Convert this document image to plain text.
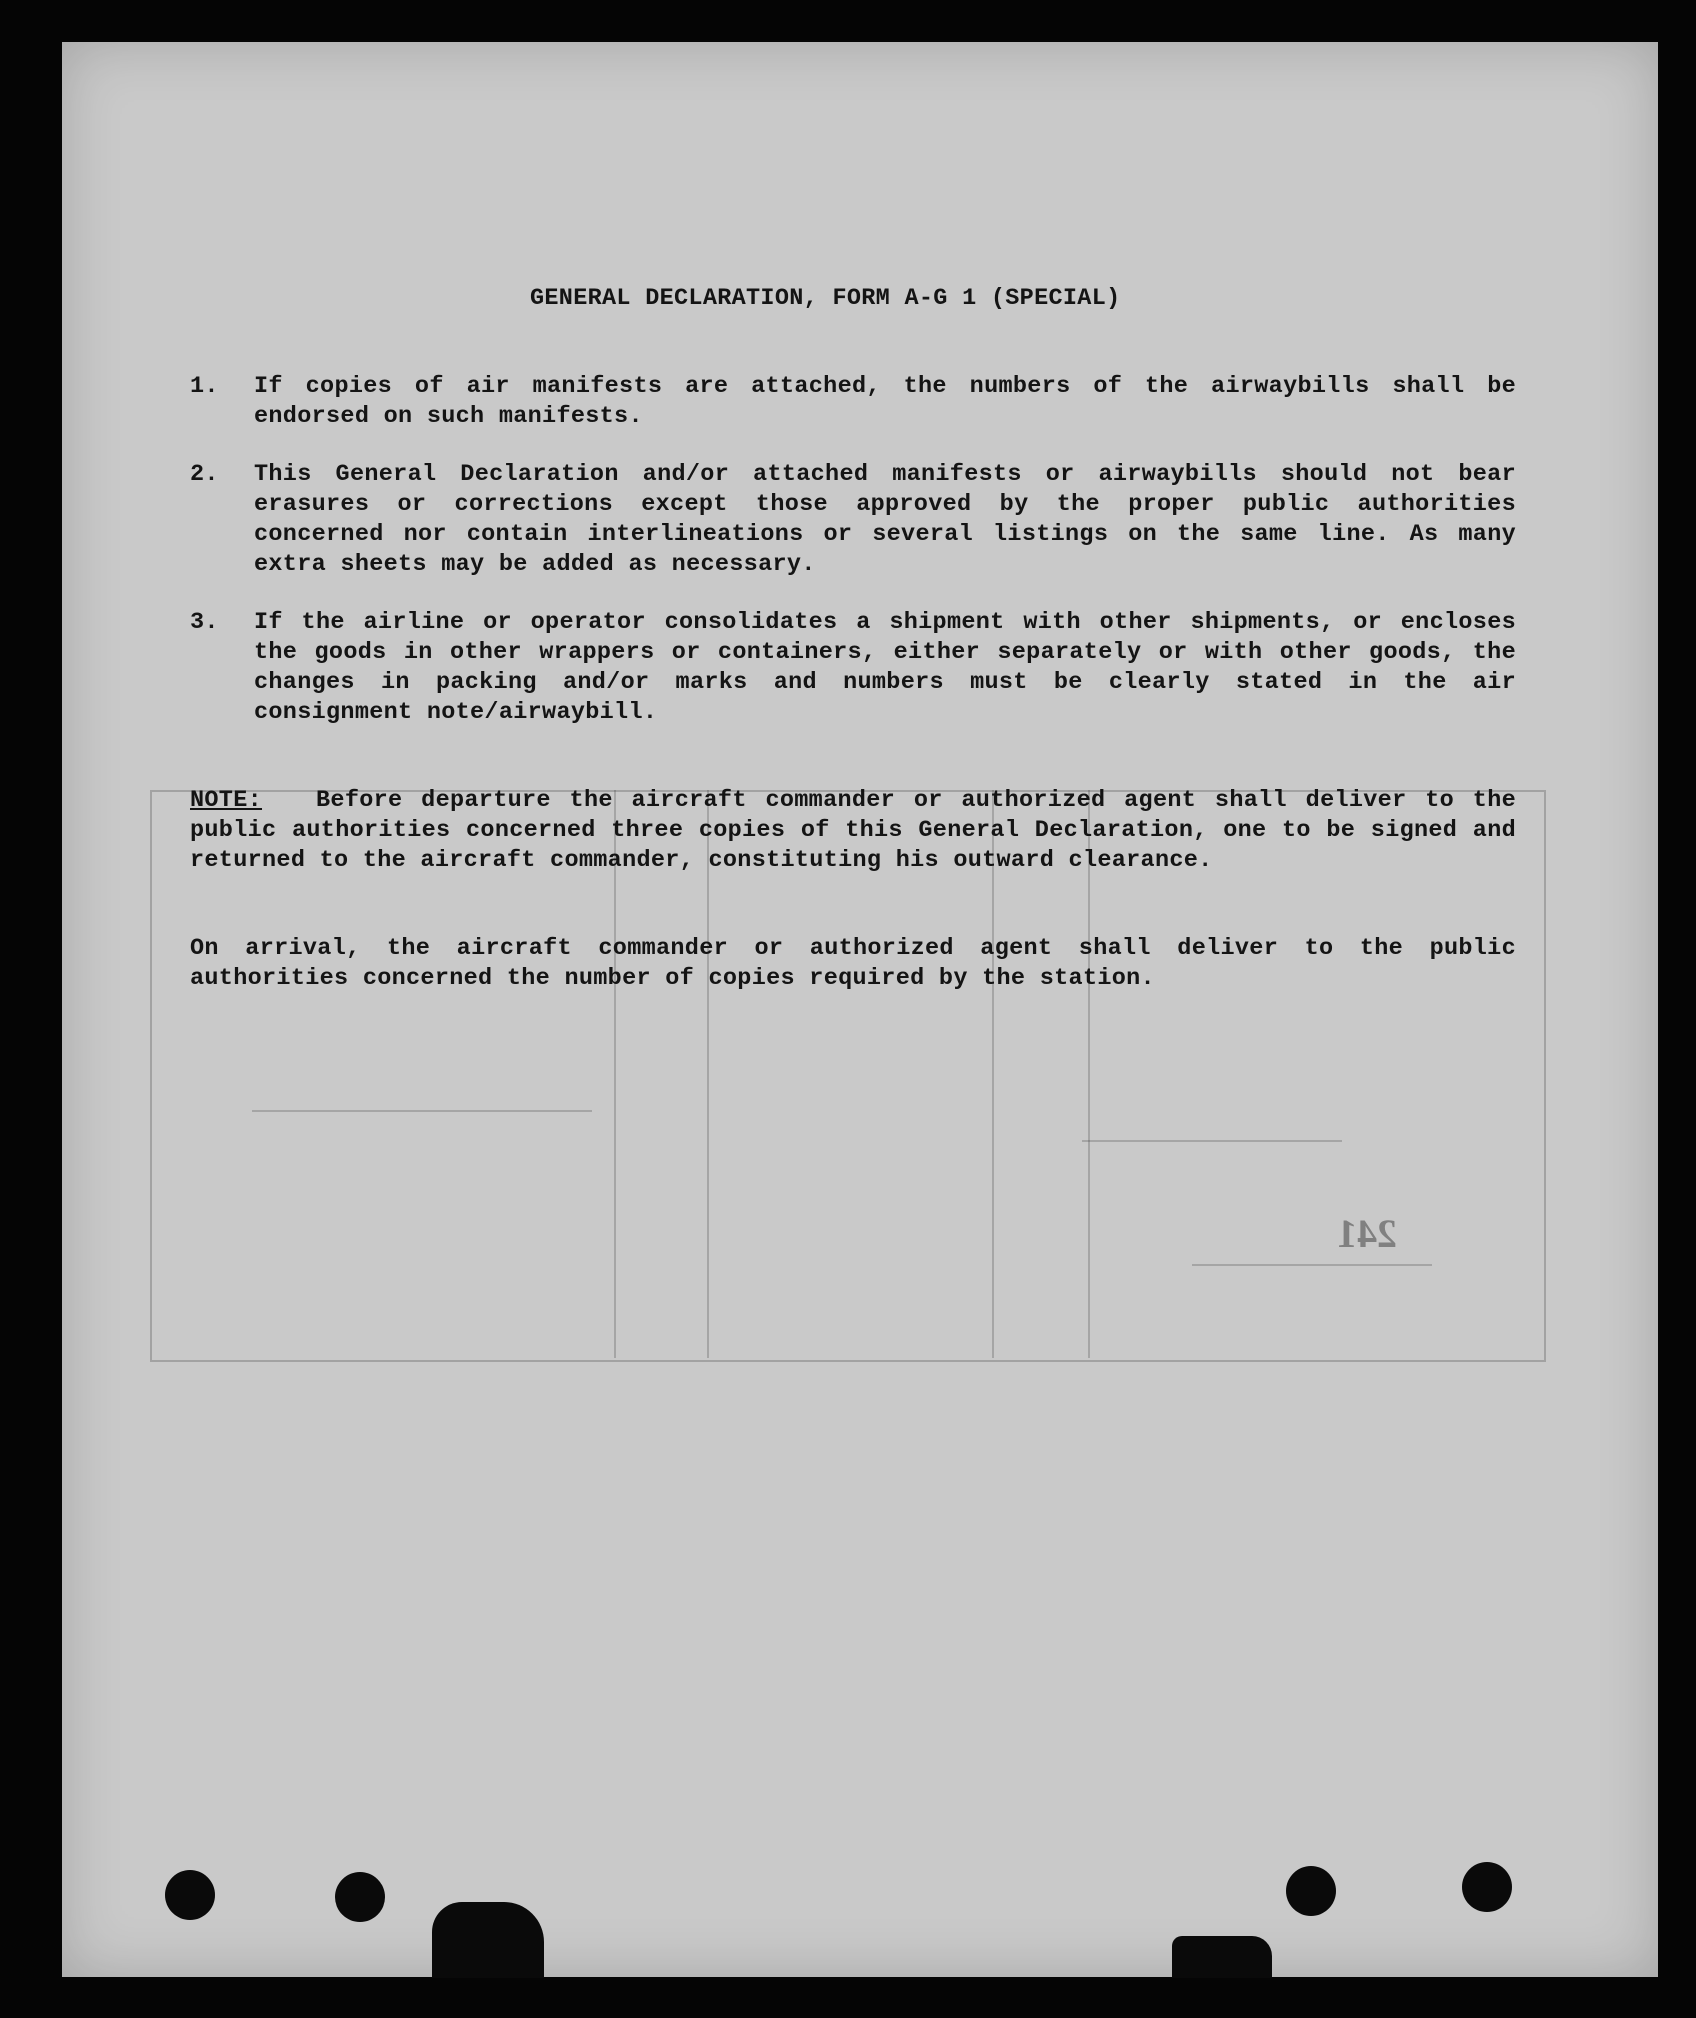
241
GENERAL DECLARATION, FORM A-G 1 (SPECIAL)
1.	If copies of air manifests are attached, the numbers of the airwaybills shall be endorsed on such manifests.
2.	This General Declaration and/or attached manifests or airwaybills should not bear erasures or corrections except those approved by the proper public authorities concerned nor contain interlineations or several listings on the same line. As many extra sheets may be added as necessary.
3.	If the airline or operator consolidates a shipment with other shipments, or encloses the goods in other wrappers or containers, either separately or with other goods, the changes in packing and/or marks and numbers must be clearly stated in the air consignment note/airwaybill.
NOTE: Before departure the aircraft commander or authorized agent shall deliver to the public authorities concerned three copies of this General Declaration, one to be signed and returned to the aircraft commander, constituting his outward clearance.
On arrival, the aircraft commander or authorized agent shall deliver to the public authorities concerned the number of copies required by the station.
